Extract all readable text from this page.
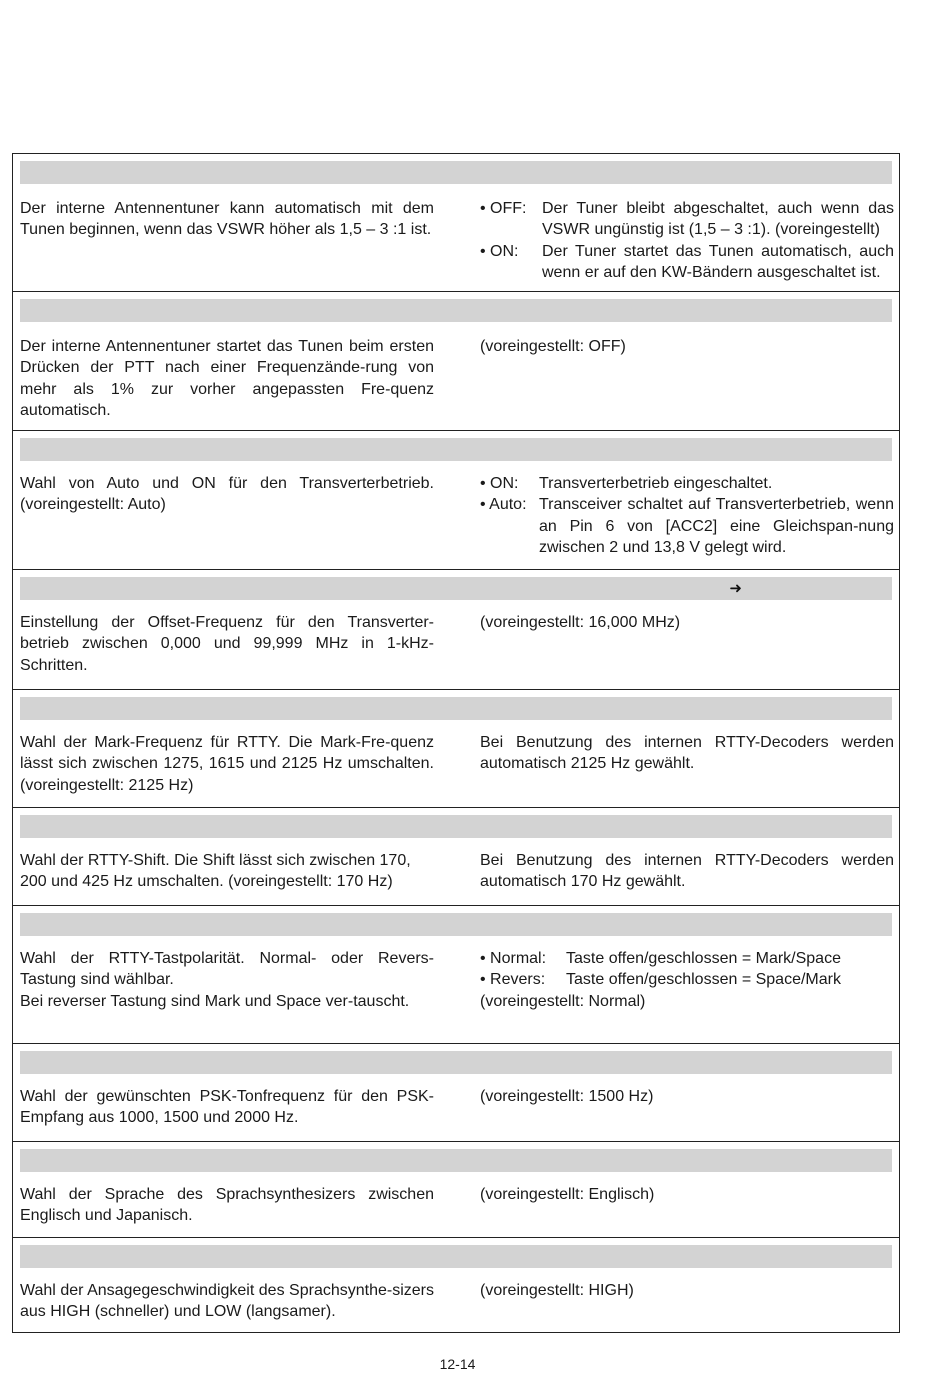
Der interne Antennentuner kann automatisch mit dem Tunen beginnen, wenn das VSWR höher als 1,5 – 3 :1 ist.
• OFF: Der Tuner bleibt abgeschaltet, auch wenn das VSWR ungünstig ist (1,5 – 3 :1). (voreingestellt)
• ON: Der Tuner startet das Tunen automatisch, auch wenn er auf den KW-Bändern ausgeschaltet ist.
Der interne Antennentuner startet das Tunen beim ersten Drücken der PTT nach einer Frequenzände-rung von mehr als 1% zur vorher angepassten Fre-quenz automatisch.
(voreingestellt: OFF)
Wahl von Auto und ON für den Transverterbetrieb. (voreingestellt: Auto)
• ON: Transverterbetrieb eingeschaltet.
• Auto: Transceiver schaltet auf Transverterbetrieb, wenn an Pin 6 von [ACC2] eine Gleichspan-nung zwischen 2 und 13,8 V gelegt wird.
➜
Einstellung der Offset-Frequenz für den Transverter-betrieb zwischen 0,000 und 99,999 MHz in 1-kHz-Schritten.
(voreingestellt: 16,000 MHz)
Wahl der Mark-Frequenz für RTTY. Die Mark-Fre-quenz lässt sich zwischen 1275, 1615 und 2125 Hz umschalten. (voreingestellt: 2125 Hz)
Bei Benutzung des internen RTTY-Decoders werden automatisch 2125 Hz gewählt.
Wahl der RTTY-Shift. Die Shift lässt sich zwischen 170, 200 und 425 Hz umschalten. (voreingestellt: 170 Hz)
Bei Benutzung des internen RTTY-Decoders werden automatisch 170 Hz gewählt.
Wahl der RTTY-Tastpolarität. Normal- oder Revers-Tastung sind wählbar.
Bei reverser Tastung sind Mark und Space ver-tauscht.
• Normal: Taste offen/geschlossen = Mark/Space
• Revers: Taste offen/geschlossen = Space/Mark
(voreingestellt: Normal)
Wahl der gewünschten PSK-Tonfrequenz für den PSK-Empfang aus 1000, 1500 und 2000 Hz.
(voreingestellt: 1500 Hz)
Wahl der Sprache des Sprachsynthesizers zwischen Englisch und Japanisch.
(voreingestellt: Englisch)
Wahl der Ansagegeschwindigkeit des Sprachsynthe-sizers aus HIGH (schneller) und LOW (langsamer).
(voreingestellt: HIGH)
12-14
